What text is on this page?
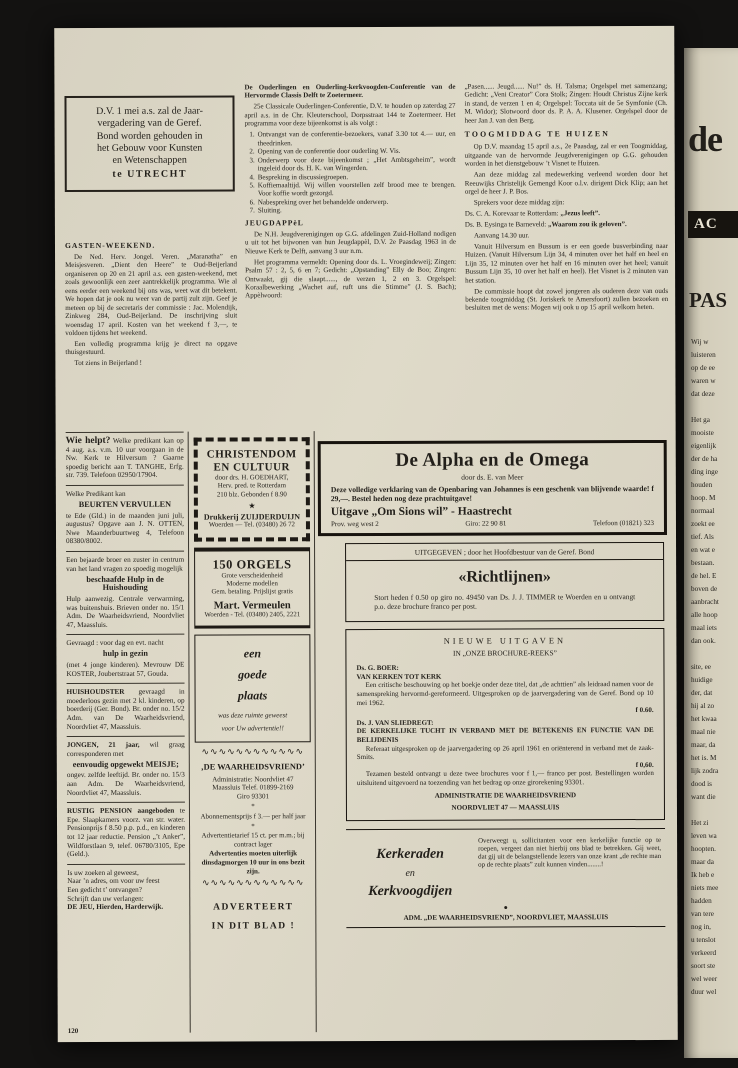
D.V. 1 mei a.s. zal de Jaar-
vergadering van de Geref.
Bond worden gehouden in
het Gebouw voor Kunsten
en Wetenschappen
te UTRECHT
GASTEN-WEEKEND.

De Ned. Herv. Jongel. Veren. „Maranatha” en Meisjesveren. „Dient den Heere” te Oud-Beijerland organiseren op 20 en 21 april a.s. een gasten-weekend, met zoals gewoonlijk een zeer aantrekkelijk programma. Wie al eens eerder een weekend bij ons was, weet wat dit betekent. We hopen dat je ook nu weer van de partij zult zijn. Geef je meteen op bij de secretaris der commissie : Jac. Molendijk, Zinkweg 284, Oud-Beijerland. De inschrijving sluit woensdag 17 april. Kosten van het weekend f 3,—, te voldoen tijdens het weekend.

Een volledig programma krijg je direct na opgave thuisgestuurd.

Tot ziens in Beijerland !

De Ouderlingen en Ouderling-kerkvoogden-Conferentie van de Hervormde Classis Delft te Zoetermeer.

25e Classicale Ouderlingen-Conferentie, D.V. te houden op zaterdag 27 april a.s. in de Chr. Kleuterschool, Dorpsstraat 144 te Zoetermeer. Het programma voor deze bijeenkomst is als volgt :

1. Ontvangst van de conferentie-bezoekers, vanaf 3.30 tot 4.— uur, en theedrinken.
2. Opening van de conferentie door ouderling W. Vis.
3. Onderwerp voor deze bijeenkomst ; „Het Ambtsgeheim”, wordt ingeleid door ds. H. K. van Wingerden.
4. Bespreking in discussiegroepen.
5. Koffiemaaltijd. Wij willen voorstellen zelf brood mee te brengen. Voor koffie wordt gezorgd.
6. Nabespreking over het behandelde onderwerp.
7. Sluiting.
JEUGDAPPèL

De N.H. Jeugdverenigingen op G.G. afdelingen Zuid-Holland nodigen u uit tot het bijwonen van hun Jeugdappèl, D.V. 2e Paasdag 1963 in de Nieuwe Kerk te Delft, aanvang 3 uur n.m.

Het programma vermeldt: Opening door ds. L. Vroegindeweij; Zingen: Psalm 57 : 2, 5, 6 en 7; Gedicht: „Opstanding” Elly de Boo; Zingen: Ontwaakt, gij die slaapt......, de verzen 1, 2 en 3. Orgelspel: Koraalbewerking „Wachet auf, ruft uns die Stimme” (J. S. Bach); Appèlwoord:

„Pasen...... Jeugd...... Nu!” ds. H. Talsma; Orgelspel met samenzang; Gedicht: „Veni Creator” Cora Stolk; Zingen: Houdt Christus Zijne kerk in stand, de verzen 1 en 4; Orgelspel: Toccata uit de 5e Symfonie (Ch. M. Widor); Slotwoord door ds. P. A. A. Klusener. Orgelspel door de heer Jan J. van den Berg.

TOOGMIDDAG TE HUIZEN

Op D.V. maandag 15 april a.s., 2e Paasdag, zal er een Toogmiddag, uitgaande van de hervormde Jeugdverenigingen op G.G. gehouden worden in het dienstgebouw ’t Visnet te Huizen.

Aan deze middag zal medewerking verleend worden door het Reeuwijks Christelijk Gemengd Koor o.l.v. dirigent Dick Klip; aan het orgel de heer J. P. Bos.

Sprekers voor deze middag zijn:

Ds. C. A. Korevaar te Rotterdam: „Jezus leeft”.

Ds. B. Eysinga te Barneveld: „Waarom zou ik geloven”.

Aanvang 14.30 uur.

Vanuit Hilversum en Bussum is er een goede busverbinding naar Huizen. (Vanuit Hilversum Lijn 34, 4 minuten over het half en heel en Lijn 35, 12 minuten over het half en 16 minuten over het heel; vanuit Bussum Lijn 35, 10 over het half en heel). Het Visnet is 2 minuten van het station.

De commissie hoopt dat zowel jongeren als ouderen deze van ouds bekende toogmiddag (St. Joriskerk te Amersfoort) zullen bezoeken en besluiten met de wens: Mogen wij ook u op 15 april welkom heten.

Wie helpt? Welke predikant kan op 4 aug. a.s. v.m. 10 uur voorgaan in de Nw. Kerk te Hilversum ? Gaarne spoedig bericht aan T. TANGHE, Erfg. str. 739. Telefoon 02950/17904.

Welke Predikant kan

BEURTEN VERVULLEN

te Ede (Gld.) in de maanden juni juli, augustus? Opgave aan J. N. OTTEN, Nwe Maanderbuurtweg 4, Telefoon 08380/8002.

Een bejaarde broer en zuster in centrum van het land vragen zo spoedig mogelijk

beschaafde Hulp in de Huishouding

Hulp aanwezig. Centrale verwarming, was buitenshuis. Brieven onder no. 15/1 Adm. De Waarheidsvriend, Noordvliet 47, Maassluis.

Gevraagd : voor dag en evt. nacht

hulp in gezin

(met 4 jonge kinderen). Mevrouw DE KOSTER, Joubertstraat 57, Gouda.

HUISHOUDSTER gevraagd in moederloos gezin met 2 kl. kinderen, op boerderij (Ger. Bond). Br. onder no. 15/2 Adm. van De Waarheidsvriend, Noordvliet 47, Maassluis.

JONGEN, 21 jaar, wil graag corresponderen met

eenvoudig opgewekt MEISJE;

ongev. zelfde leeftijd. Br. onder no. 15/3 aan Adm. De Waarheidsvriend, Noordvliet 47, Maassluis.

RUSTIG PENSION aangeboden te Epe. Slaapkamers voorz. van str. water. Pensionprijs f 8.50 p.p. p.d., en kinderen tot 12 jaar reductie. Pension „’t Anker”, Wildforstlaan 9, telef. 06780/3105, Epe (Geld.).

Is uw zoeken al geweest,
Naar ’n adres, om voor uw feest
Een gedicht t’ ontvangen?
Schrijft dan uw verlangen:
DE JEU, Hierden, Harderwijk.
CHRISTENDOM
EN CULTUUR
door drs. H. GOEDHART,
Herv. pred. te Rotterdam
210 blz. Gebonden f 8.90
★
Drukkerij ZUIJDERDUIJN
Woerden — Tel. (03480) 26 72
150 ORGELS
Grote verscheidenheid
Moderne modellen
Gem. betaling. Prijslijst gratis
Mart. Vermeulen
Woerden - Tel. (03480) 2405, 2221
een
goede
plaats
was deze ruimte geweest
voor Uw advertentie!!
∿∿∿∿∿∿∿∿∿∿∿∿
‚DE WAARHEIDSVRIEND’
Administratie: Noordvliet 47
Maassluis Telef. 01899-2169
Giro 93301
*
Abonnementsprijs f 3.— per half jaar
*
Advertentietarief 15 ct. per m.m.; bij contract lager
Advertenties moeten uiterlijk dinsdagmorgen 10 uur in ons bezit zijn.
∿∿∿∿∿∿∿∿∿∿∿∿
ADVERTEERT
IN DIT BLAD !
De Alpha en de Omega
door ds. E. van Meer
Deze volledige verklaring van de Openbaring van Johannes is een geschenk van blijvende waarde! f 29,—. Bestel heden nog deze prachtuitgave!
Uitgave „Om Sions wil” - Haastrecht
Prov. weg west 2	Giro: 22 90 81	Telefoon (01821) 323
UITGEGEVEN ; door het Hoofdbestuur van de Geref. Bond
«Richtlijnen»
Stort heden f 0.50 op giro no. 49450 van Ds. J. J. TIMMER te Woerden en u ontvangt p.o. deze brochure franco per post.
NIEUWE UITGAVEN
IN „ONZE BROCHURE-REEKS”
Ds. G. BOER:
VAN KERKEN TOT KERK
Een critische beschouwing op het boekje onder deze titel, dat „de achttien” als leidraad namen voor de samenspreking hervormd-gereformeerd. Uitgesproken op de jaarvergadering van de Geref. Bond op 10 mei 1962.
f 0.60.
Ds. J. VAN SLIEDREGT:
DE KERKELIJKE TUCHT IN VERBAND MET DE BETEKENIS EN FUNCTIE VAN DE BELIJDENIS
Referaat uitgesproken op de jaarvergadering op 26 april 1961 en oriënterend in verband met de zaak-Smits.
f 0,60.
Tezamen besteld ontvangt u deze twee brochures voor f 1,— franco per post. Bestellingen worden uitsluitend uitgevoerd na toezending van het bedrag op onze girorekening 93301.
ADMINISTRATIE DE WAARHEIDSVRIEND
NOORDVLIET 47 — MAASSLUIS
Kerkeraden
en
Kerkvoogdijen
Overweegt u, sollicitanten voor een kerkelijke functie op te roepen, vergeet dan niet hierbij ons blad te betrekken. Gij weet, dat gij uit de belangstellende lezers van onze krant „de rechte man op de rechte plaats” zult kunnen vinden........!
●
ADM. „DE WAARHEIDSVRIEND”, NOORDVLIET, MAASSLUIS
120
de
AC
PAS
Wij w
luisteren
op de ee
waren w
dat deze
Het ga
mooiste
eigenlijk
der de ha
ding inge
houden
hoop. M
normaal
zoekt ee
tief. Als
en wat e
bestaan.
de hel. E
boven de
aanbracht
alle hoop
maal iets
dan ook.
site, ee
huidige
der, dat
hij al zo
het kwaa
maal nie
maar, da
het is. M
lijk zodra
dood is
want die
Het zi
leven wa
hoopten.
maar da
Ik heb e
niets mee
hadden
van tere
nog in,
u tenslot
verkeerd
soort ste
wel weer
duur wel
